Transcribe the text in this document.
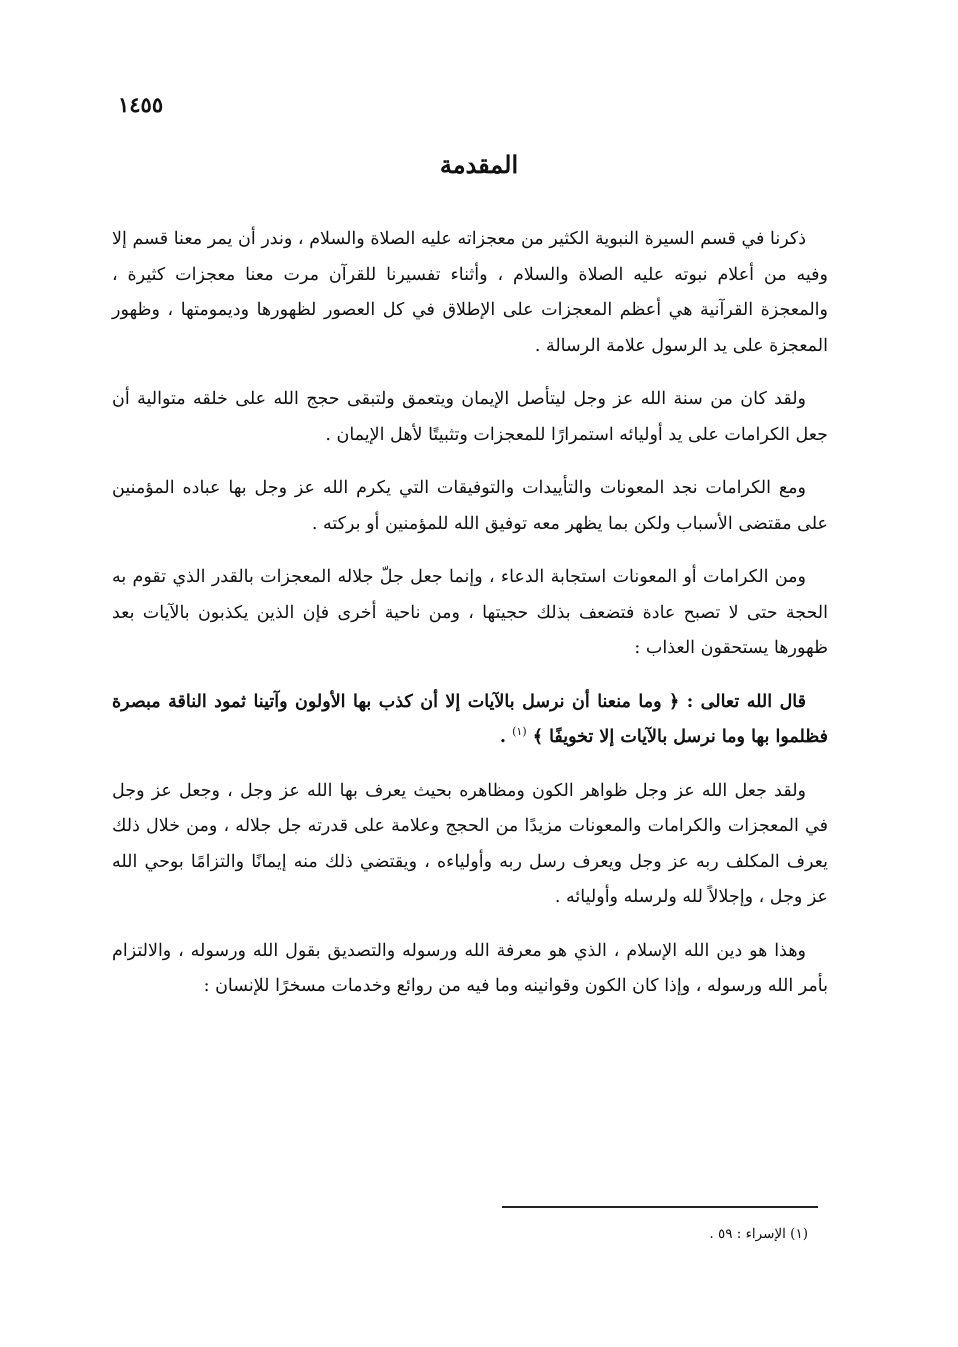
١٤٥٥
المقدمة

ذكرنا في قسم السيرة النبوية الكثير من معجزاته عليه الصلاة والسلام ، وندر أن يمر معنا قسم إلا وفيه من أعلام نبوته عليه الصلاة والسلام ، وأثناء تفسيرنا للقرآن مرت معنا معجزات كثيرة ، والمعجزة القرآنية هي أعظم المعجزات على الإطلاق في كل العصور لظهورها وديمومتها ، وظهور المعجزة على يد الرسول علامة الرسالة .

ولقد كان من سنة الله عز وجل ليتأصل الإيمان ويتعمق ولتبقى حجج الله على خلقه متوالية أن جعل الكرامات على يد أوليائه استمرارًا للمعجزات وتثبيتًا لأهل الإيمان .

ومع الكرامات نجد المعونات والتأييدات والتوفيقات التي يكرم الله عز وجل بها عباده المؤمنين على مقتضى الأسباب ولكن بما يظهر معه توفيق الله للمؤمنين أو بركته .

ومن الكرامات أو المعونات استجابة الدعاء ، وإنما جعل جلّ جلاله المعجزات بالقدر الذي تقوم به الحجة حتى لا تصبح عادة فتضعف بذلك حجيتها ، ومن ناحية أخرى فإن الذين يكذبون بالآيات بعد ظهورها يستحقون العذاب :

قال الله تعالى : ﴿ وما منعنا أن نرسل بالآيات إلا أن كذب بها الأولون وآتينا ثمود الناقة مبصرة فظلموا بها وما نرسل بالآيات إلا تخويفًا ﴾ $^{(١)}$ .

ولقد جعل الله عز وجل ظواهر الكون ومظاهره بحيث يعرف بها الله عز وجل ، وجعل عز وجل في المعجزات والكرامات والمعونات مزيدًا من الحجج وعلامة على قدرته جل جلاله ، ومن خلال ذلك يعرف المكلف ربه عز وجل ويعرف رسل ربه وأولياءه ، ويقتضي ذلك منه إيمانًا والتزامًا بوحي الله عز وجل ، وإجلالاً لله ولرسله وأوليائه .

وهذا هو دين الله الإسلام ، الذي هو معرفة الله ورسوله والتصديق بقول الله ورسوله ، والالتزام بأمر الله ورسوله ، وإذا كان الكون وقوانينه وما فيه من روائع وخدمات مسخرًا للإنسان :

(١) الإسراء : ٥٩ .
